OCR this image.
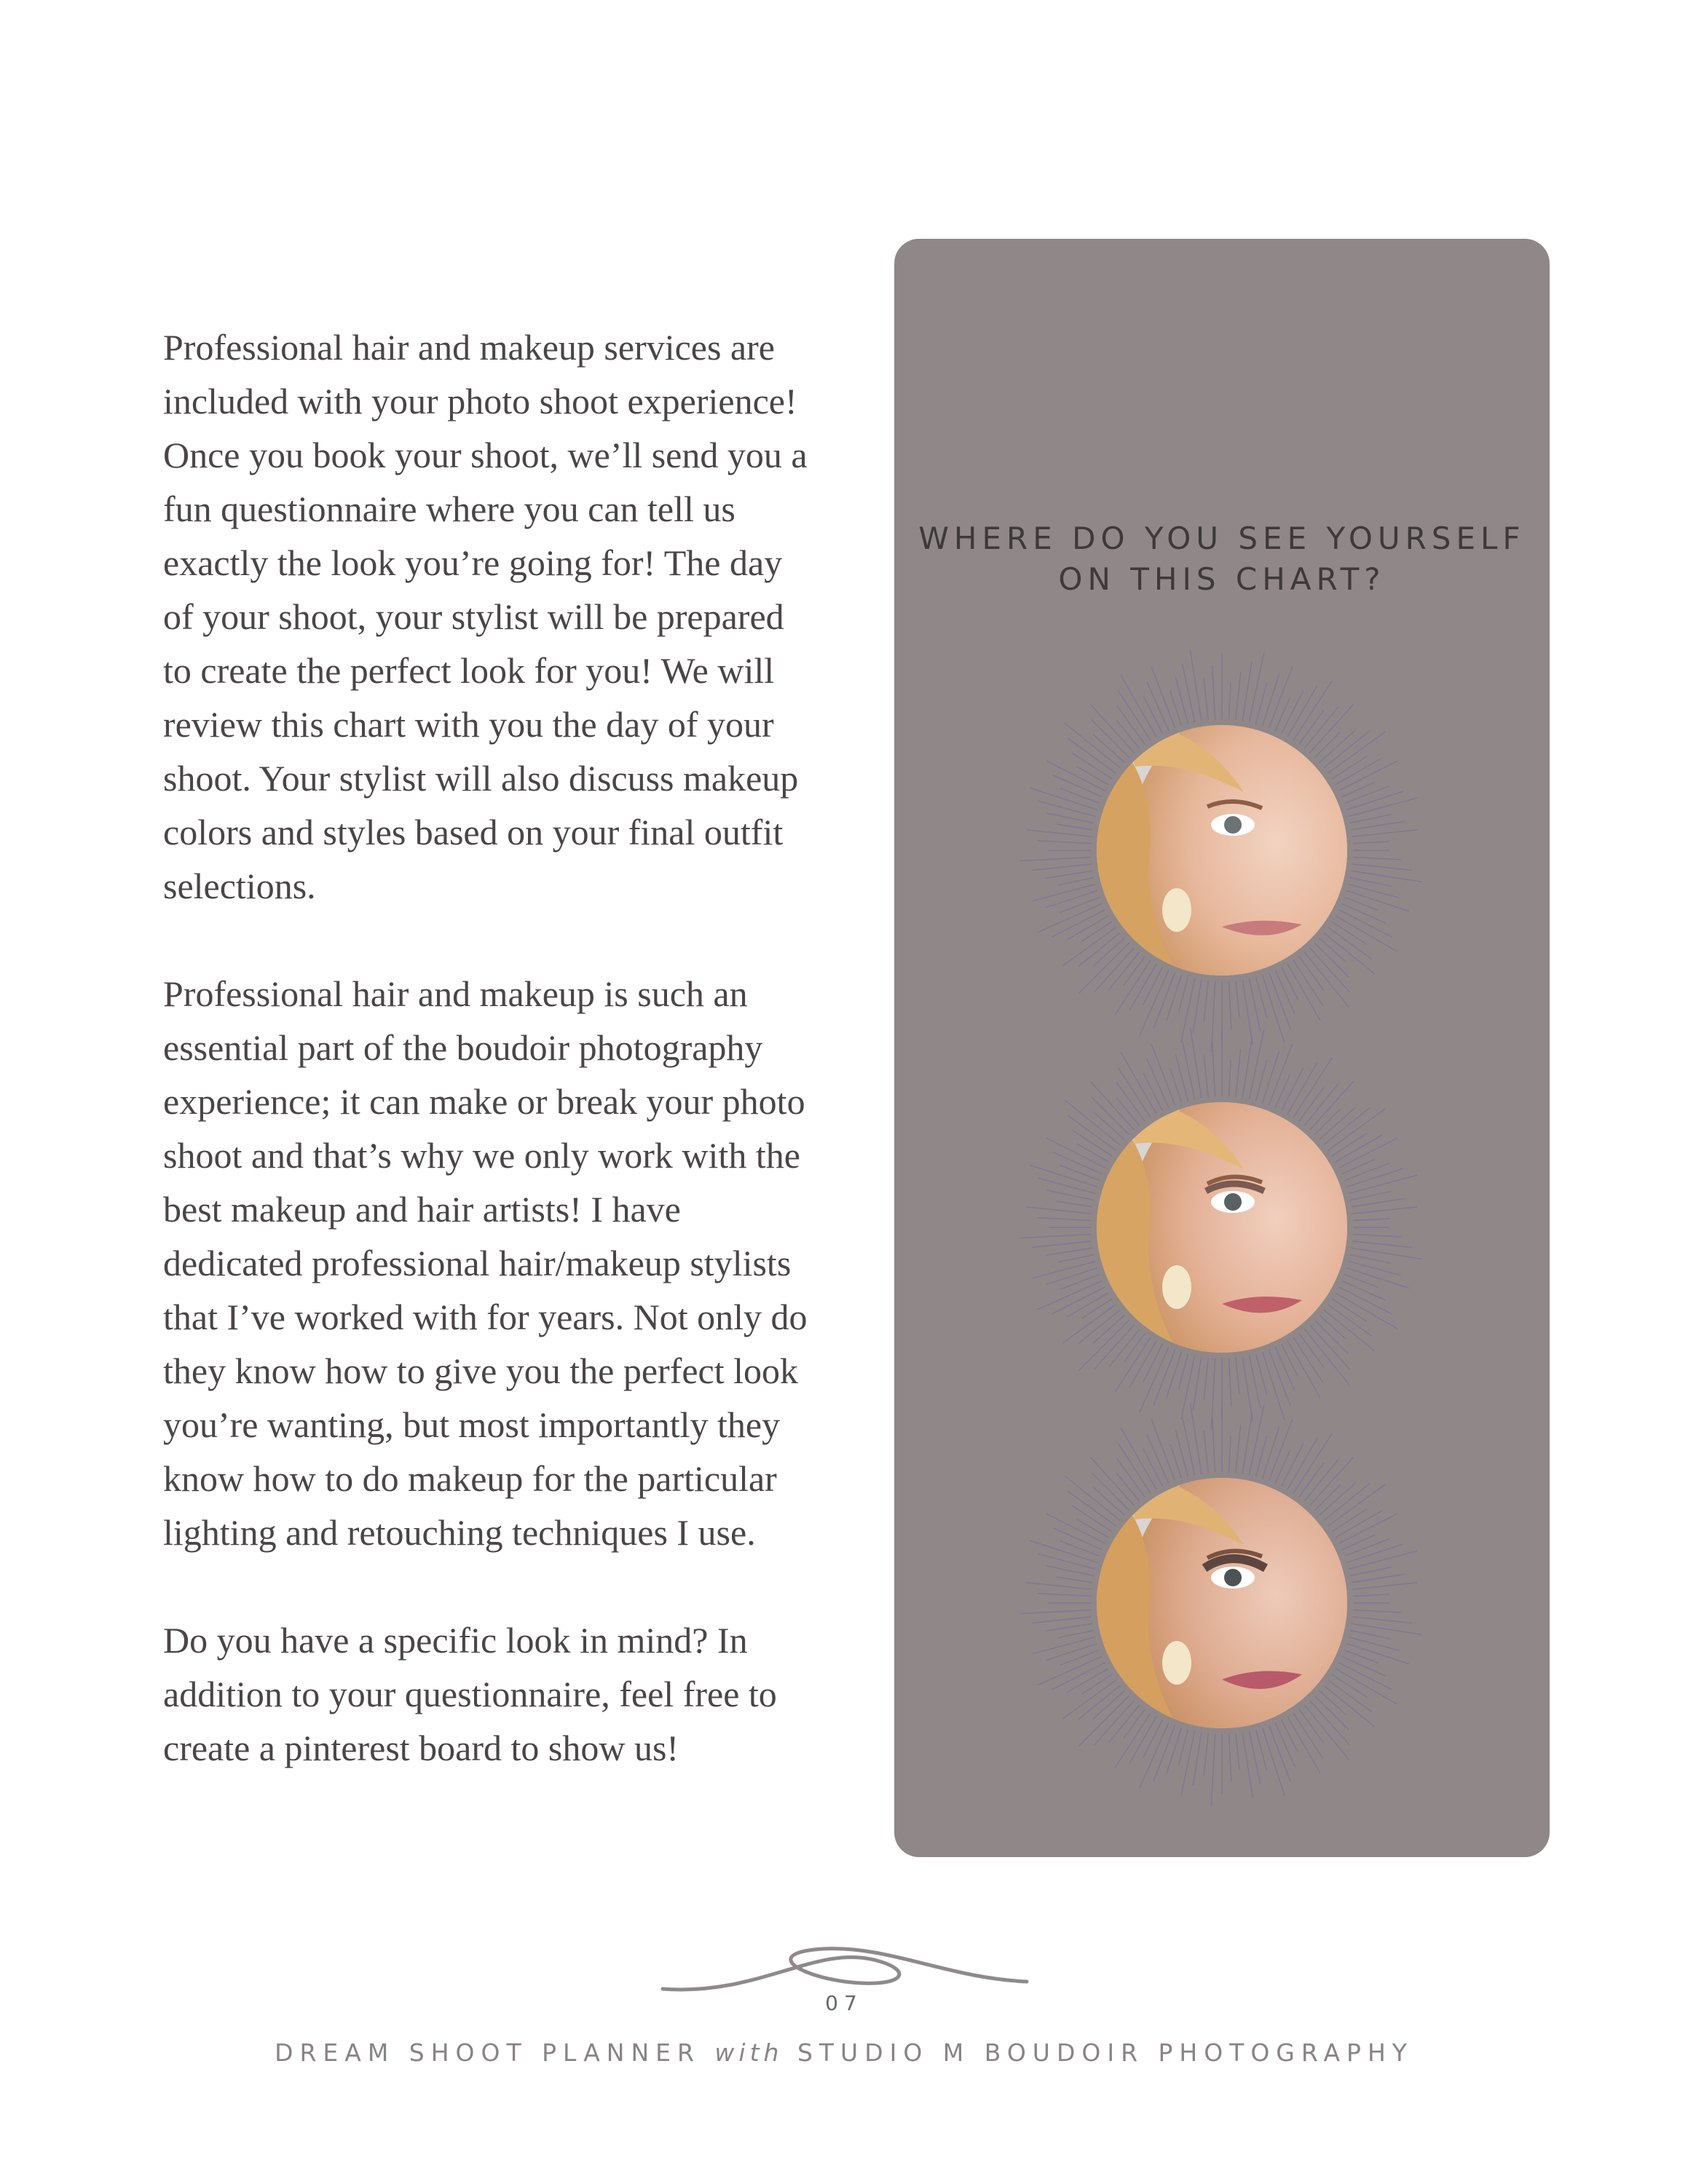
Professional hair and makeup services are included with your photo shoot experience! Once you book your shoot, we’ll send you a fun questionnaire where you can tell us exactly the look you’re going for! The day of your shoot, your stylist will be prepared to create the perfect look for you! We will review this chart with you the day of your shoot. Your stylist will also discuss makeup colors and styles based on your final outfit selections.

Professional hair and makeup is such an essential part of the boudoir photography experience; it can make or break your photo shoot and that’s why we only work with the best makeup and hair artists! I have dedicated professional hair/makeup stylists that I’ve worked with for years. Not only do they know how to give you the perfect look you’re wanting, but most importantly they know how to do makeup for the particular lighting and retouching techniques I use.

Do you have a specific look in mind? In addition to your questionnaire, feel free to create a pinterest board to show us!

WHERE DO YOU SEE YOURSELF
ON THIS CHART?
07
DREAM SHOOT PLANNER with STUDIO M BOUDOIR PHOTOGRAPHY
